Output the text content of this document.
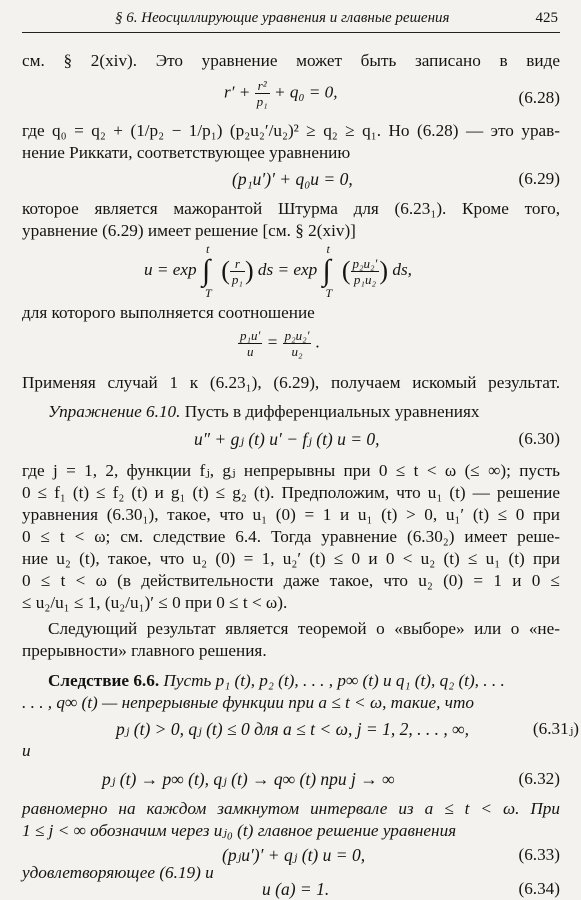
§ 6. Неосциллирующие уравнения и главные решения	425
см. § 2(xiv). Это уравнение может быть записано в виде
$r' + \frac{\text{r²}}{\text{p₁}} + q_0 = 0$,	(6.28)
где q₀ = q₂ + (1/p₂ − 1/p₁) (p₂u₂′/u₂)² ≥ q₂ ≥ q₁. Но (6.28) — это урав-
нение Риккати, соответствующее уравнению
(p₁u′)′ + q₀u = 0,	(6.29)
которое является мажорантой Штурма для (6.23₁). Кроме того,
уравнение (6.29) имеет решение [см. § 2(xiv)]
u = exp
t
∫
T
( $\frac{r}{\text{p₁}}$ ) ds = exp
t
∫
T
( $\frac{\text{p₂u₂′}}{\text{p₁u₂}}$ ) ds,
для которого выполняется соотношение
$\frac{\text{p₁u′}}{u} = \frac{\text{p₂u₂′}}{\text{u₂}}$ .
Применяя случай 1 к (6.23₁), (6.29), получаем искомый результат.
Упражнение 6.10. Пусть в дифференциальных уравнениях
u″ + gⱼ (t) u′ − fⱼ (t) u = 0,	(6.30)
где j = 1, 2, функции fⱼ, gⱼ непрерывны при 0 ≤ t < ω (≤ ∞); пусть
0 ≤ f₁ (t) ≤ f₂ (t) и g₁ (t) ≤ g₂ (t). Предположим, что u₁ (t) — решение
уравнения (6.30₁), такое, что u₁ (0) = 1 и u₁ (t) > 0, u₁′ (t) ≤ 0 при
0 ≤ t < ω; см. следствие 6.4. Тогда уравнение (6.30₂) имеет реше-
ние u₂ (t), такое, что u₂ (0) = 1, u₂′ (t) ≤ 0 и 0 < u₂ (t) ≤ u₁ (t) при
0 ≤ t < ω (в действительности даже такое, что u₂ (0) = 1 и 0 ≤
≤ u₂/u₁ ≤ 1, (u₂/u₁)′ ≤ 0 при 0 ≤ t < ω).
Следующий результат является теоремой о «выборе» или о «не-
прерывности» главного решения.
Следствие 6.6. Пусть p₁ (t), p₂ (t), . . . , p∞ (t) и q₁ (t), q₂ (t), . . .
. . . , q∞ (t) — непрерывные функции при a ≤ t < ω, такие, что
pⱼ (t) > 0, qⱼ (t) ≤ 0 для a ≤ t < ω, j = 1, 2, . . . , ∞,	(6.31ⱼ)
и
pⱼ (t) → p∞ (t), qⱼ (t) → q∞ (t) при j → ∞	(6.32)
равномерно на каждом замкнутом интервале из a ≤ t < ω. При
1 ≤ j < ∞ обозначим через uⱼ₀ (t) главное решение уравнения
(pⱼu′)′ + qⱼ (t) u = 0,	(6.33)
удовлетворяющее (6.19) и
u (a) = 1.	(6.34)
